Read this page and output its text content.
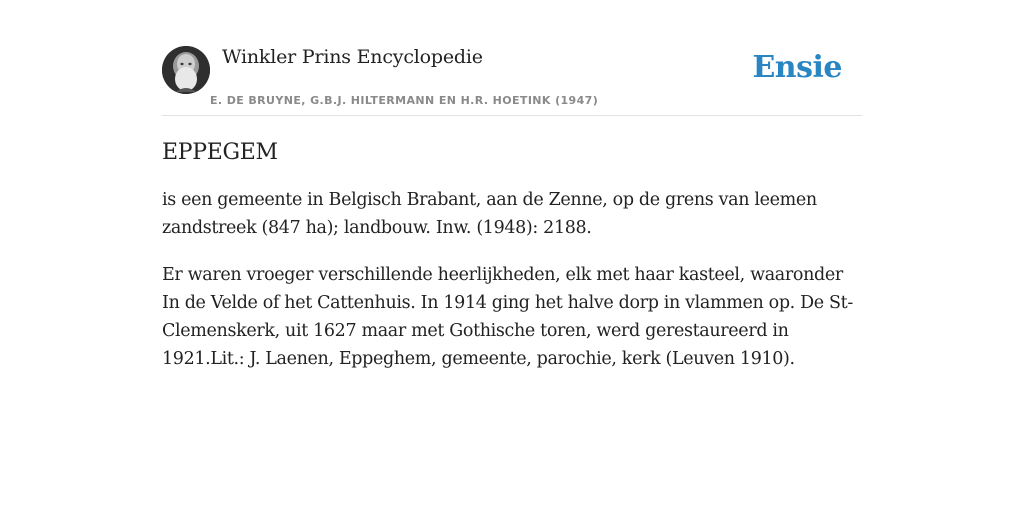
Winkler Prins Encyclopedie
E. DE BRUYNE, G.B.J. HILTERMANN EN H.R. HOETINK (1947)
Ensie
EPPEGEM

is een gemeente in Belgisch Brabant, aan de Zenne, op de grens van leemen zandstreek (847 ha); landbouw. Inw. (1948): 2188.

Er waren vroeger verschillende heerlijkheden, elk met haar kasteel, waaronder In de Velde of het Cattenhuis. In 1914 ging het halve dorp in vlammen op. De St-Clemenskerk, uit 1627 maar met Gothische toren, werd gerestaureerd in 1921.Lit.: J. Laenen, Eppeghem, gemeente, parochie, kerk (Leuven 1910).
